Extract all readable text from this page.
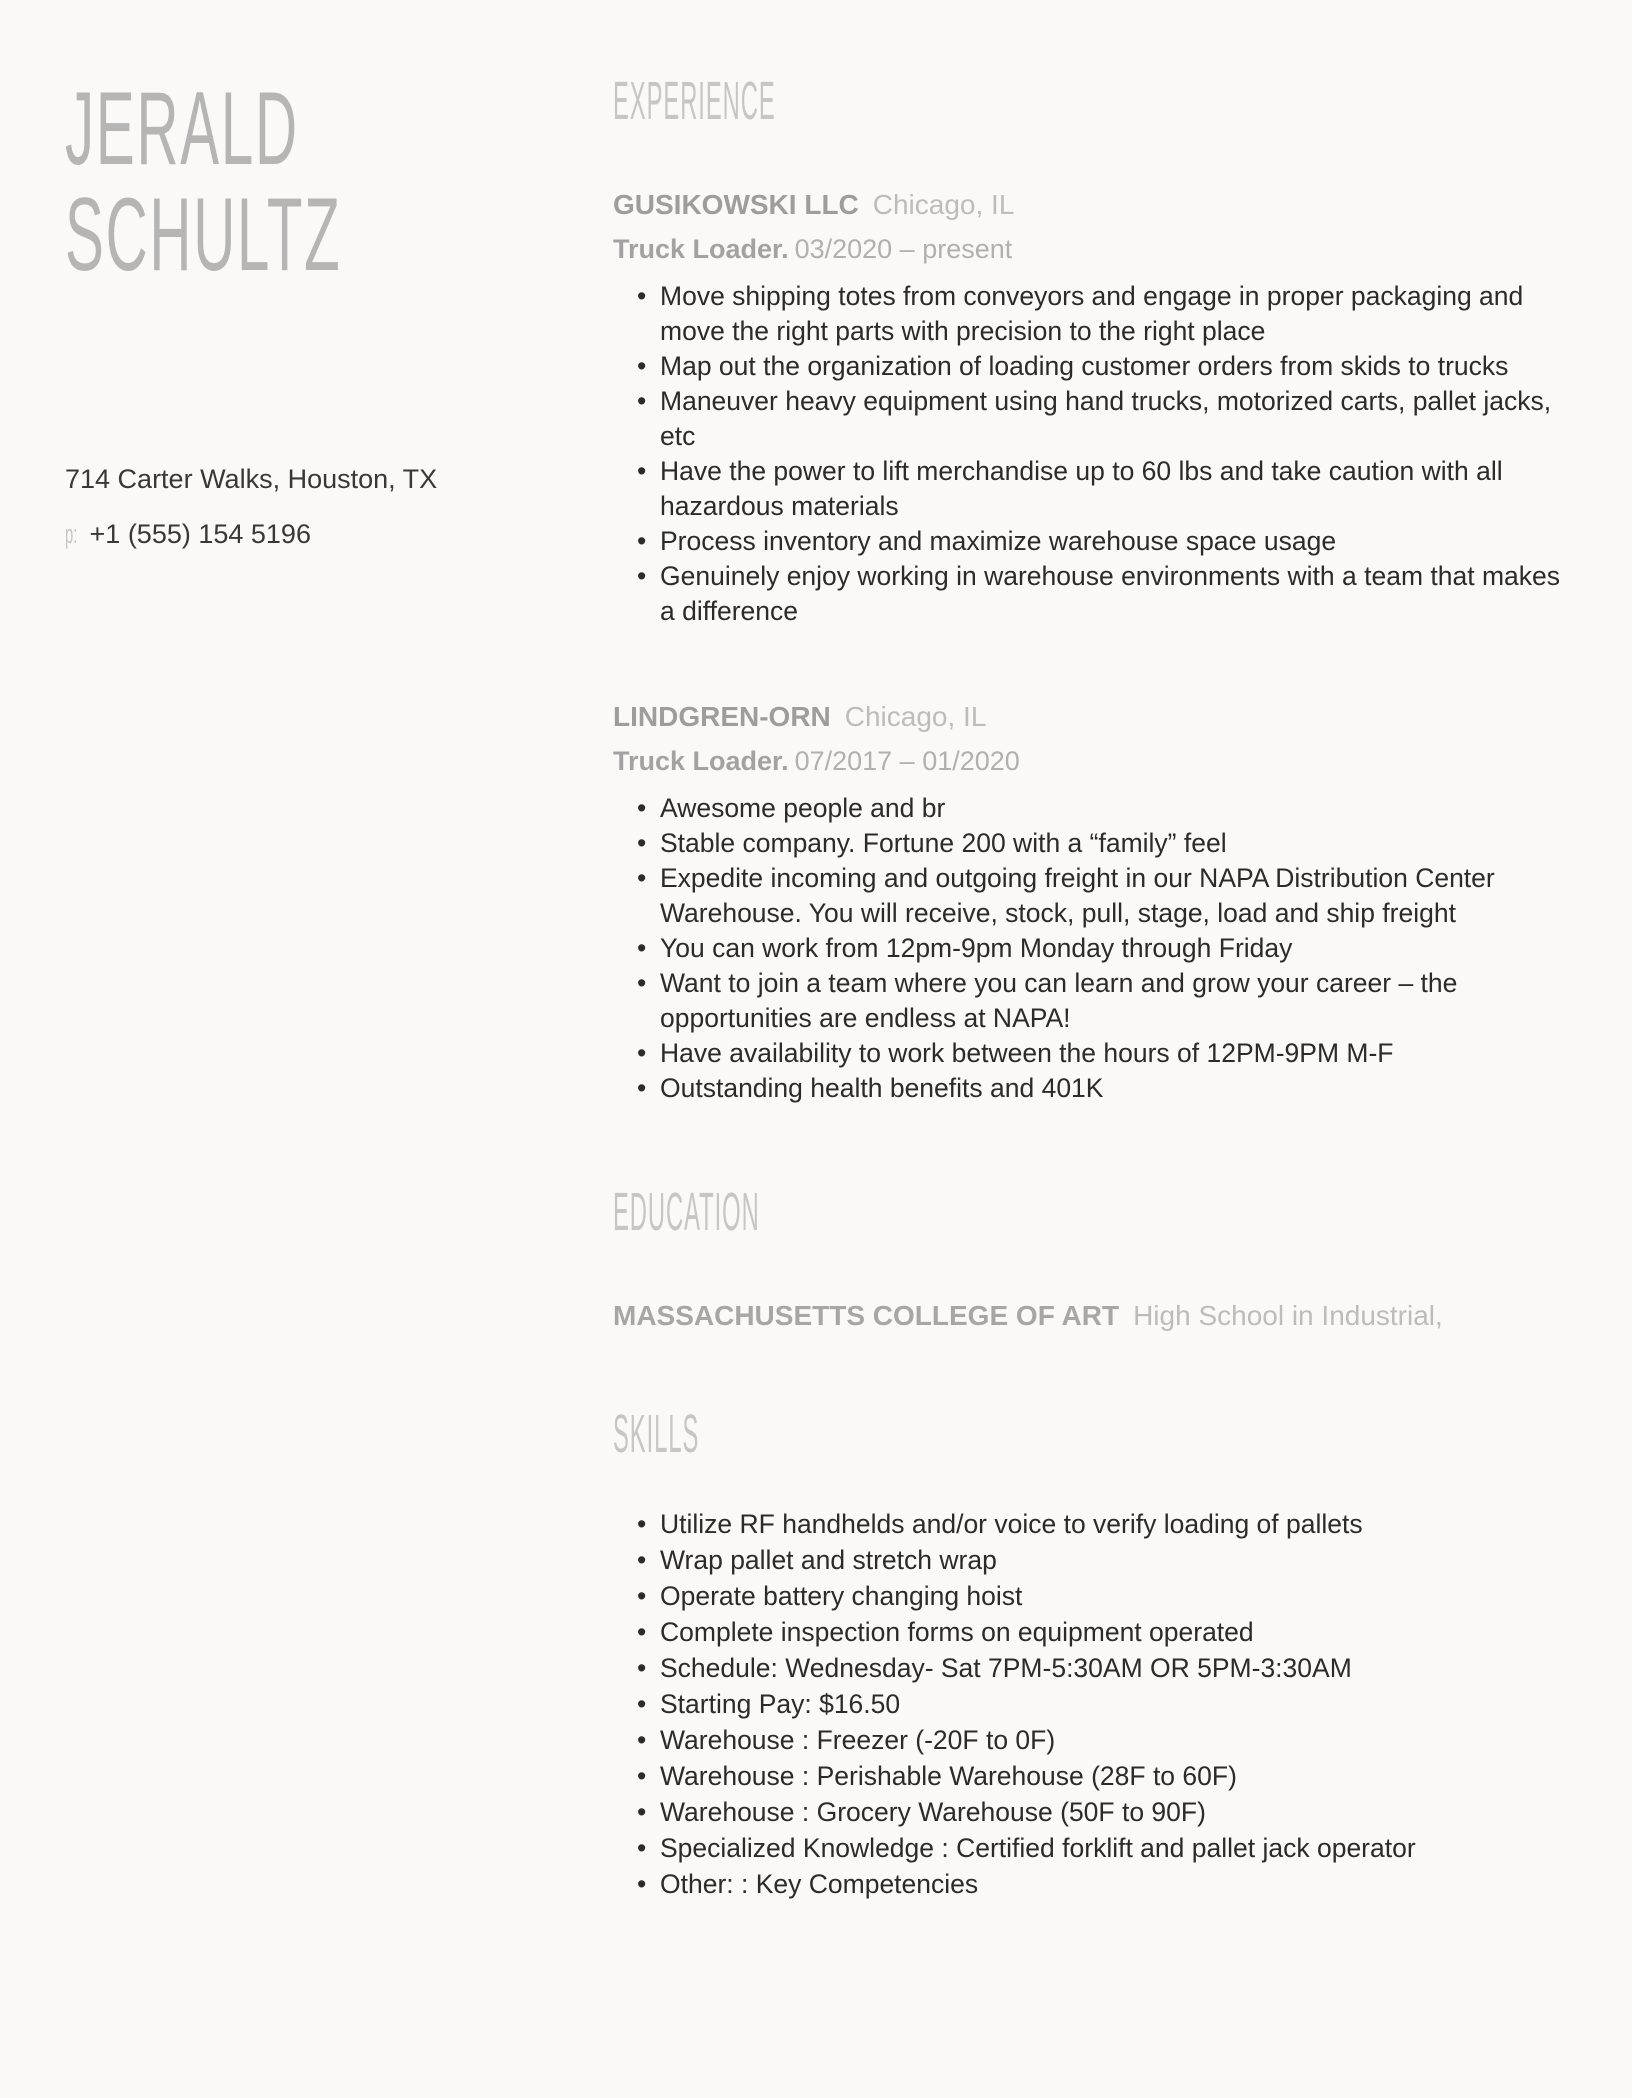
JERALD
SCHULTZ
714 Carter Walks, Houston, TX
p: +1 (555) 154 5196
EXPERIENCE
GUSIKOWSKI LLC Chicago, IL
Truck Loader. 03/2020 – present
• Move shipping totes from conveyors and engage in proper packaging and move the right parts with precision to the right place
• Map out the organization of loading customer orders from skids to trucks
• Maneuver heavy equipment using hand trucks, motorized carts, pallet jacks, etc
• Have the power to lift merchandise up to 60 lbs and take caution with all hazardous materials
• Process inventory and maximize warehouse space usage
• Genuinely enjoy working in warehouse environments with a team that makes a difference
LINDGREN-ORN Chicago, IL
Truck Loader. 07/2017 – 01/2020
• Awesome people and br
• Stable company. Fortune 200 with a “family” feel
• Expedite incoming and outgoing freight in our NAPA Distribution Center Warehouse. You will receive, stock, pull, stage, load and ship freight
• You can work from 12pm-9pm Monday through Friday
• Want to join a team where you can learn and grow your career – the opportunities are endless at NAPA!
• Have availability to work between the hours of 12PM-9PM M-F
• Outstanding health benefits and 401K
EDUCATION
MASSACHUSETTS COLLEGE OF ART High School in Industrial,
SKILLS
• Utilize RF handhelds and/or voice to verify loading of pallets
• Wrap pallet and stretch wrap
• Operate battery changing hoist
• Complete inspection forms on equipment operated
• Schedule: Wednesday- Sat 7PM-5:30AM OR 5PM-3:30AM
• Starting Pay: $16.50
• Warehouse : Freezer (-20F to 0F)
• Warehouse : Perishable Warehouse (28F to 60F)
• Warehouse : Grocery Warehouse (50F to 90F)
• Specialized Knowledge : Certified forklift and pallet jack operator
• Other: : Key Competencies
